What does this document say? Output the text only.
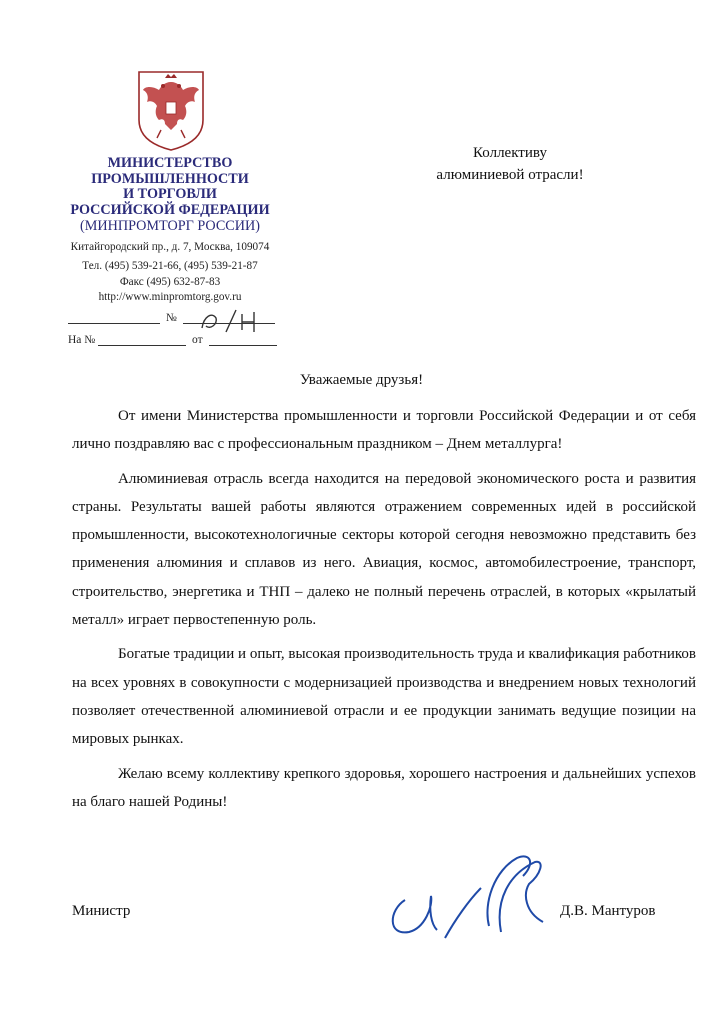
МИНИСТЕРСТВО
ПРОМЫШЛЕННОСТИ
И ТОРГОВЛИ
РОССИЙСКОЙ ФЕДЕРАЦИИ
(МИНПРОМТОРГ РОССИИ)
Китайгородский пр., д. 7, Москва, 109074
Тел. (495) 539-21-66, (495) 539-21-87
Факс (495) 632-87-83
http://www.minpromtorg.gov.ru
№
На №	от
Коллективу
алюминиевой отрасли!
Уважаемые друзья!

От имени Министерства промышленности и торговли Российской Федерации и от себя лично поздравляю вас с профессиональным праздником – Днем металлурга!

Алюминиевая отрасль всегда находится на передовой экономического роста и развития страны. Результаты вашей работы являются отражением современных идей в российской промышленности, высокотехнологичные секторы которой сегодня невозможно представить без применения алюминия и сплавов из него. Авиация, космос, автомобилестроение, транспорт, строительство, энергетика и ТНП – далеко не полный перечень отраслей, в которых «крылатый металл» играет первостепенную роль.

Богатые традиции и опыт, высокая производительность труда и квалификация работников на всех уровнях в совокупности с модернизацией производства и внедрением новых технологий позволяет отечественной алюминиевой отрасли и ее продукции занимать ведущие позиции на мировых рынках.

Желаю всему коллективу крепкого здоровья, хорошего настроения и дальнейших успехов на благо нашей Родины!

Министр	Д.В. Мантуров
